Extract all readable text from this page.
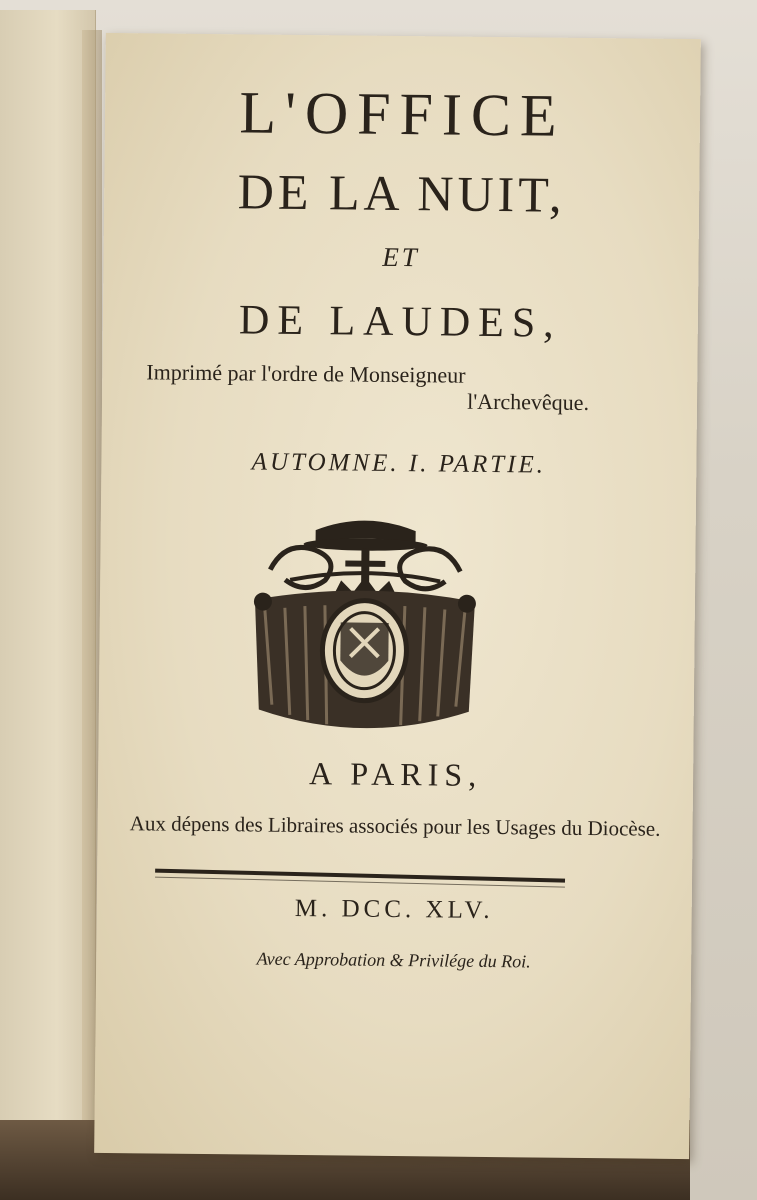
L'OFFICE
DE LA NUIT,
ET
DE LAUDES,
Imprimé par l'ordre de Monseigneur
l'Archevêque.
AUTOMNE. I. PARTIE.
A PARIS,
Aux dépens des Libraires associés pour les Usages du Diocèse.
M. DCC. XLV.
Avec Approbation & Privilége du Roi.
